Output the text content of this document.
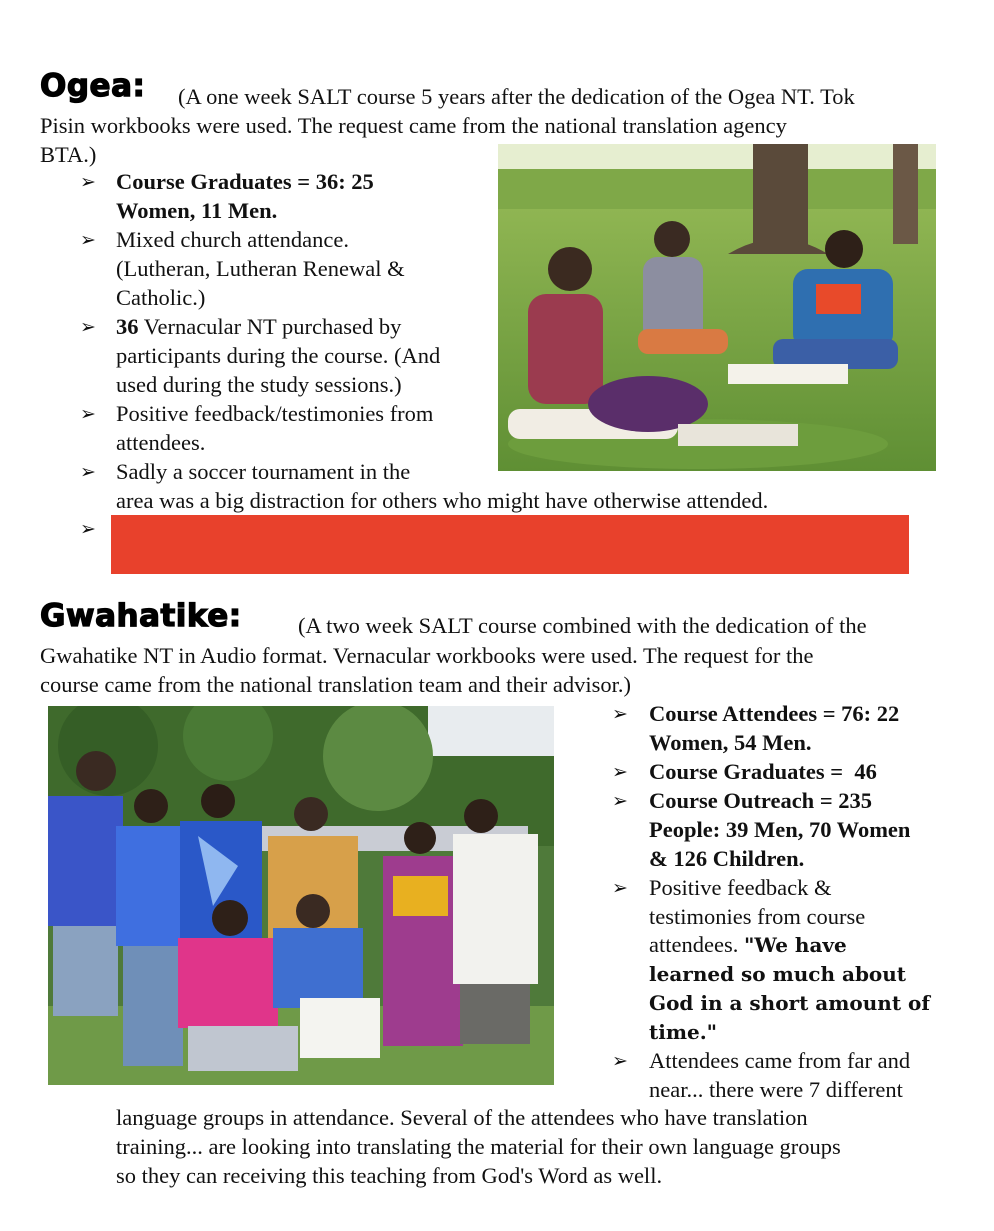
Ogea: (A one week SALT course 5 years after the dedication of the Ogea NT. Tok
Pisin workbooks were used. The request came from the national translation agency
BTA.)
➢ Course Graduates = 36: 25
Women, 11 Men.
➢ Mixed church attendance.
(Lutheran, Lutheran Renewal &
Catholic.)
➢ 36 Vernacular NT purchased by
participants during the course. (And
used during the study sessions.)
➢ Positive feedback/testimonies from
attendees.
➢ Sadly a soccer tournament in the
area was a big distraction for others who might have otherwise attended.
➢
Gwahatike:	(A two week SALT course combined with the dedication of the
Gwahatike NT in Audio format. Vernacular workbooks were used. The request for the
course came from the national translation team and their advisor.)
➢ Course Attendees = 76: 22
Women, 54 Men.
➢ Course Graduates =  46
➢ Course Outreach = 235
People: 39 Men, 70 Women
& 126 Children.
➢ Positive feedback &
testimonies from course
attendees. "We have
learned so much about
God in a short amount of
time."
➢ Attendees came from far and
near... there were 7 different
language groups in attendance. Several of the attendees who have translation
training... are looking into translating the material for their own language groups
so they can receiving this teaching from God's Word as well.
